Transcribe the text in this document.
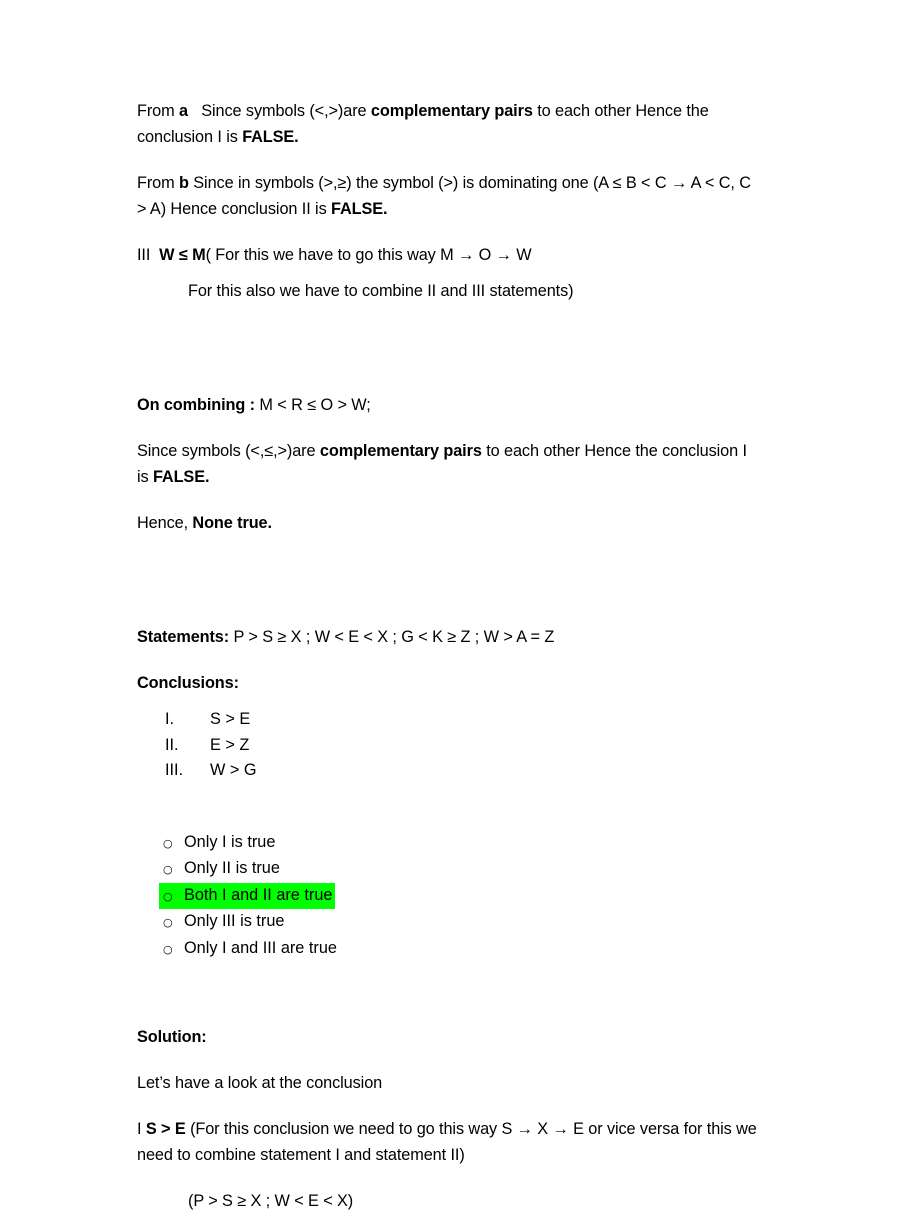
From a Since symbols (<,>)are complementary pairs to each other Hence the conclusion I is FALSE.

From b Since in symbols (>,≥) the symbol (>) is dominating one (A ≤ B < C → A < C, C > A) Hence conclusion II is FALSE.

III W ≤ M( For this we have to go this way M → O → W

For this also we have to combine II and III statements)

On combining : M < R ≤ O > W;

Since symbols (<,≤,>)are complementary pairs to each other Hence the conclusion I is FALSE.

Hence, None true.

Statements: P > S ≥ X ; W < E < X ; G < K ≥ Z ; W > A = Z

Conclusions:

I.	S > E
II.	E > Z
III.	W > G
○ Only I is true
○ Only II is true
○ Both I and II are true
○ Only III is true
○ Only I and III are true

Solution:

Let’s have a look at the conclusion

I S > E (For this conclusion we need to go this way S → X → E or vice versa for this we need to combine statement I and statement II)

(P > S ≥ X ; W < E < X)
